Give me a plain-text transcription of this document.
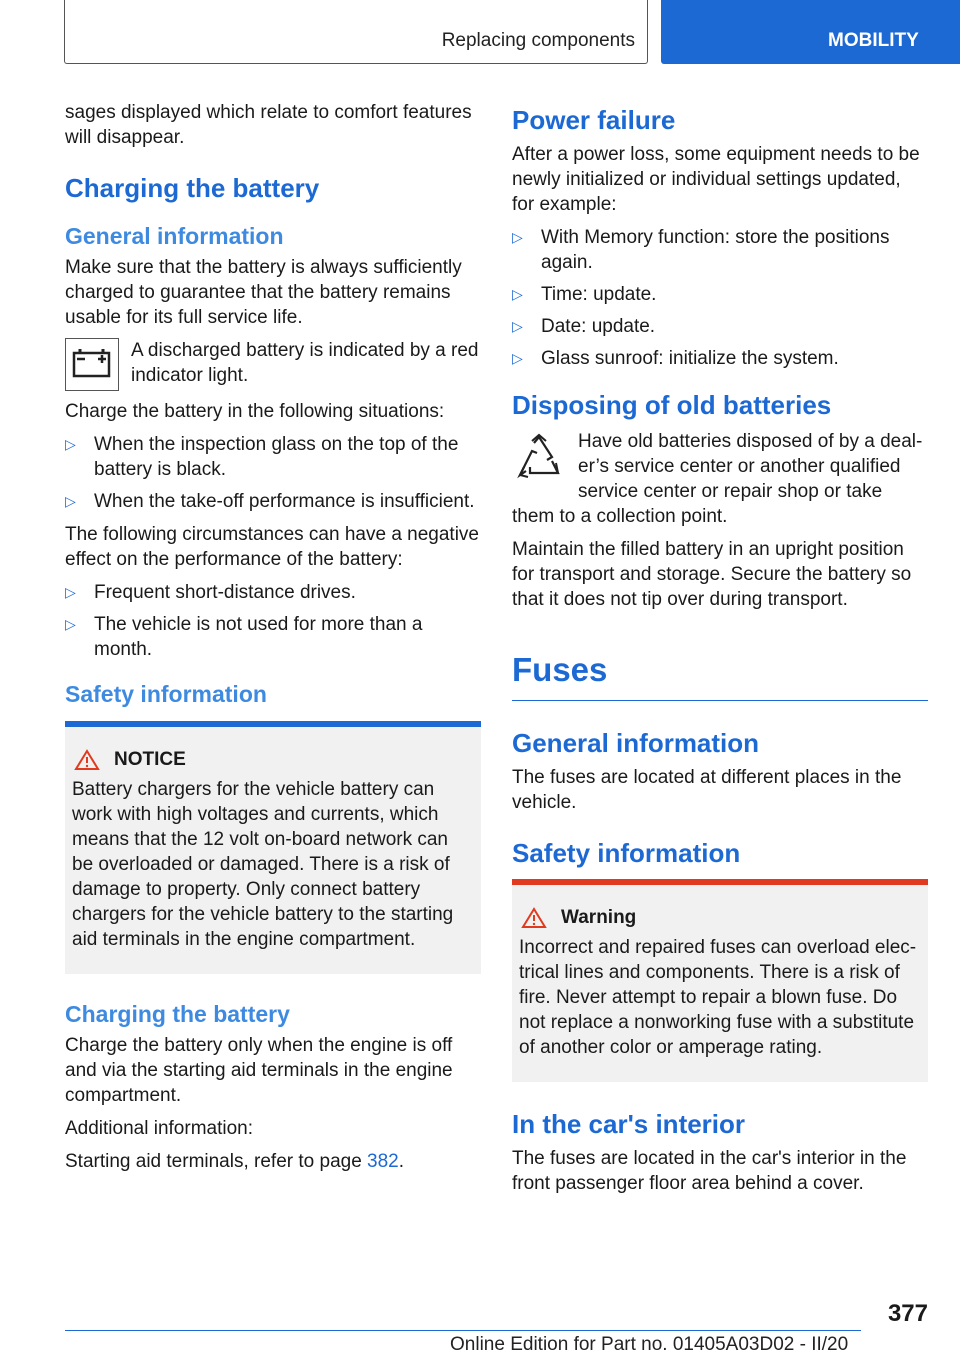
Replacing components	MOBILITY

sages displayed which relate to comfort features will disappear.

Charging the battery
General information

Make sure that the battery is always sufficiently charged to guarantee that the battery remains usable for its full service life.

A discharged battery is indicated by a red indicator light.

Charge the battery in the following situations:

▷ When the inspection glass on the top of the battery is black.
▷ When the take-off performance is insufficient.

The following circumstances can have a negative effect on the performance of the battery:

▷ Frequent short-distance drives.
▷ The vehicle is not used for more than a month.
Safety information
NOTICE

Battery chargers for the vehicle battery can work with high voltages and currents, which means that the 12 volt on-board network can be overloaded or damaged. There is a risk of damage to property. Only connect battery chargers for the vehicle battery to the starting aid terminals in the engine compartment.

Charging the battery

Charge the battery only when the engine is off and via the starting aid terminals in the engine compartment.

Additional information:

Starting aid terminals, refer to page 382.

Power failure

After a power loss, some equipment needs to be newly initialized or individual settings updated, for example:

▷ With Memory function: store the positions again.
▷ Time: update.
▷ Date: update.
▷ Glass sunroof: initialize the system.
Disposing of old batteries

Have old batteries disposed of by a dealer’s service center or another qualified service center or repair shop or take them to a collection point.

Maintain the filled battery in an upright position for transport and storage. Secure the battery so that it does not tip over during transport.

Fuses
General information

The fuses are located at different places in the vehicle.

Safety information
Warning

Incorrect and repaired fuses can overload electrical lines and components. There is a risk of fire. Never attempt to repair a blown fuse. Do not replace a nonworking fuse with a substitute of another color or amperage rating.

In the car's interior

The fuses are located in the car's interior in the front passenger floor area behind a cover.

377
Online Edition for Part no. 01405A03D02 - II/20
